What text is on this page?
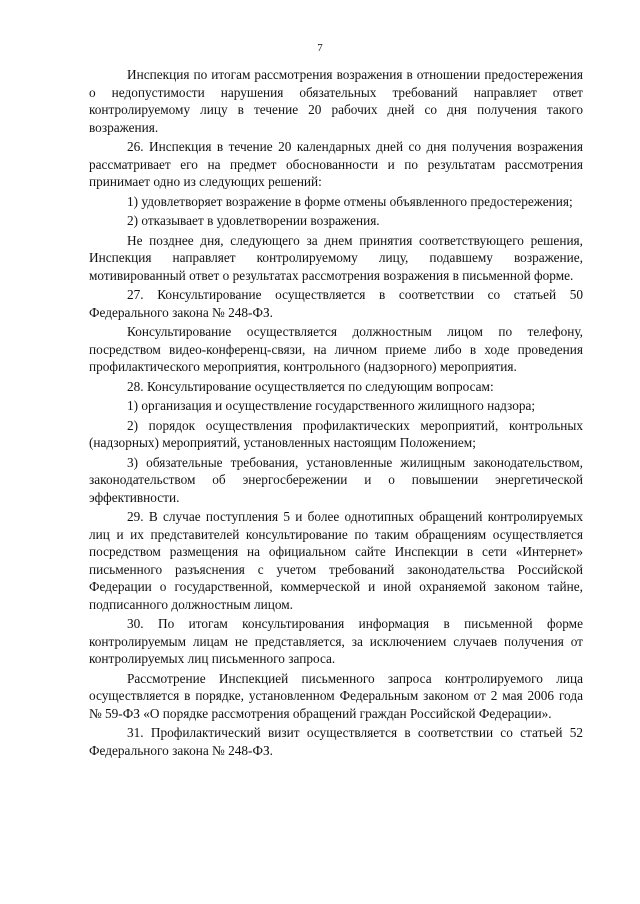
7

Инспекция по итогам рассмотрения возражения в отношении предостережения о недопустимости нарушения обязательных требований направляет ответ контролируемому лицу в течение 20 рабочих дней со дня получения такого возражения.

26. Инспекция в течение 20 календарных дней со дня получения возражения рассматривает его на предмет обоснованности и по результатам рассмотрения принимает одно из следующих решений:

1) удовлетворяет возражение в форме отмены объявленного предостережения;

2) отказывает в удовлетворении возражения.

Не позднее дня, следующего за днем принятия соответствующего решения, Инспекция направляет контролируемому лицу, подавшему возражение, мотивированный ответ о результатах рассмотрения возражения в письменной форме.

27. Консультирование осуществляется в соответствии со статьей 50 Федерального закона № 248-ФЗ.

Консультирование осуществляется должностным лицом по телефону, посредством видео-конференц-связи, на личном приеме либо в ходе проведения профилактического мероприятия, контрольного (надзорного) мероприятия.

28. Консультирование осуществляется по следующим вопросам:

1) организация и осуществление государственного жилищного надзора;

2) порядок осуществления профилактических мероприятий, контрольных (надзорных) мероприятий, установленных настоящим Положением;

3) обязательные требования, установленные жилищным законодательством, законодательством об энергосбережении и о повышении энергетической эффективности.

29. В случае поступления 5 и более однотипных обращений контролируемых лиц и их представителей консультирование по таким обращениям осуществляется посредством размещения на официальном сайте Инспекции в сети «Интернет» письменного разъяснения с учетом требований законодательства Российской Федерации о государственной, коммерческой и иной охраняемой законом тайне, подписанного должностным лицом.

30. По итогам консультирования информация в письменной форме контролируемым лицам не представляется, за исключением случаев получения от контролируемых лиц письменного запроса.

Рассмотрение Инспекцией письменного запроса контролируемого лица осуществляется в порядке, установленном Федеральным законом от 2 мая 2006 года № 59-ФЗ «О порядке рассмотрения обращений граждан Российской Федерации».

31. Профилактический визит осуществляется в соответствии со статьей 52 Федерального закона № 248-ФЗ.
